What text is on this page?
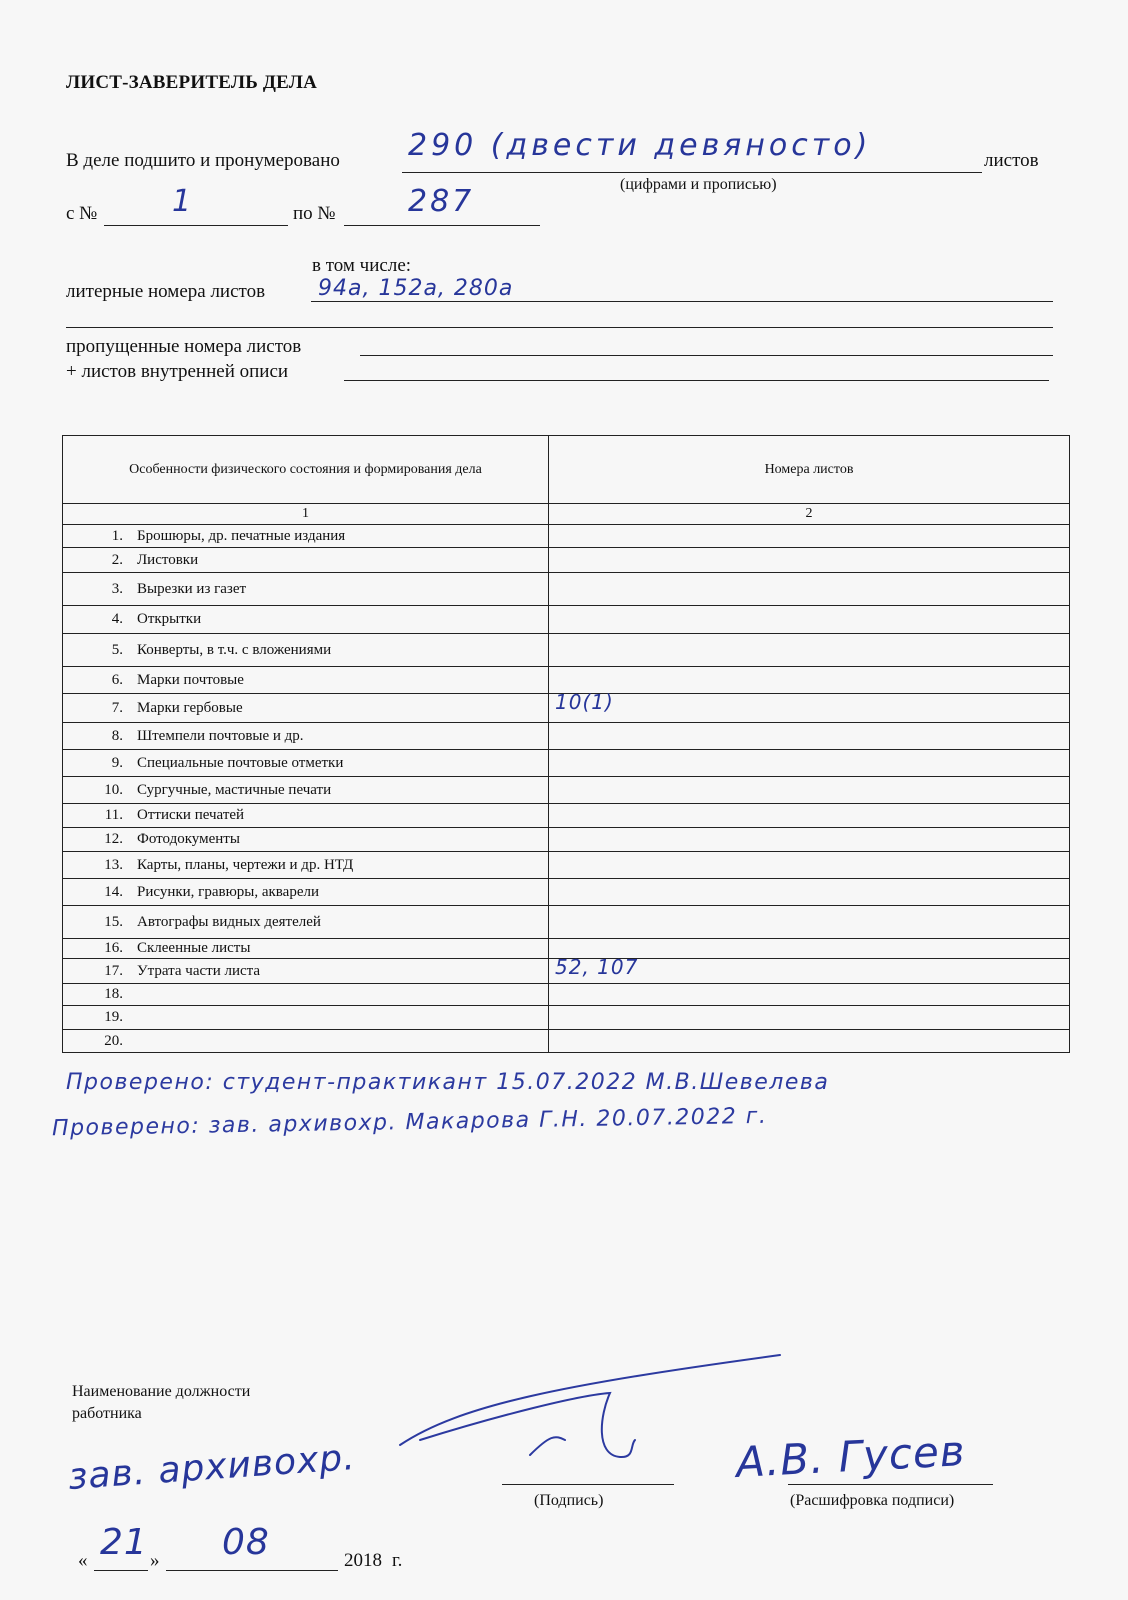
ЛИСТ-ЗАВЕРИТЕЛЬ ДЕЛА
В деле подшито и пронумеровано 290 (двести девяносто)	листов
(цифрами и прописью)
с № 1	по № 287
в том числе:
литерные номера листов 94а, 152а, 280а
пропущенные номера листов
+ листов внутренней описи
Особенности физического состояния и формирования дела	Номера листов
1	2
1. Брошюры, др. печатные издания	

2. Листовки	

3. Вырезки из газет	

4. Открытки	

5. Конверты, в т.ч. с вложениями	

6. Марки почтовые	

7. Марки гербовые	10(1)

8. Штемпели почтовые и др.	

9. Специальные почтовые отметки	

10. Сургучные, мастичные печати	

11. Оттиски печатей	

12. Фотодокументы	

13. Карты, планы, чертежи и др. НТД	

14. Рисунки, гравюры, акварели	

15. Автографы видных деятелей	

16. Склеенные листы	

17. Утрата части листа	52, 107

18.	

19.	

20.	
Проверено: студент-практикант 15.07.2022 М.В.Шевелева
Проверено: зав. архивохр. Макарова Г.Н. 20.07.2022 г.
Наименование должности работника
зав. архивохр.
(Подпись)
А.В. Гусев
(Расшифровка подписи)
« 21 » 08	2018 г.
